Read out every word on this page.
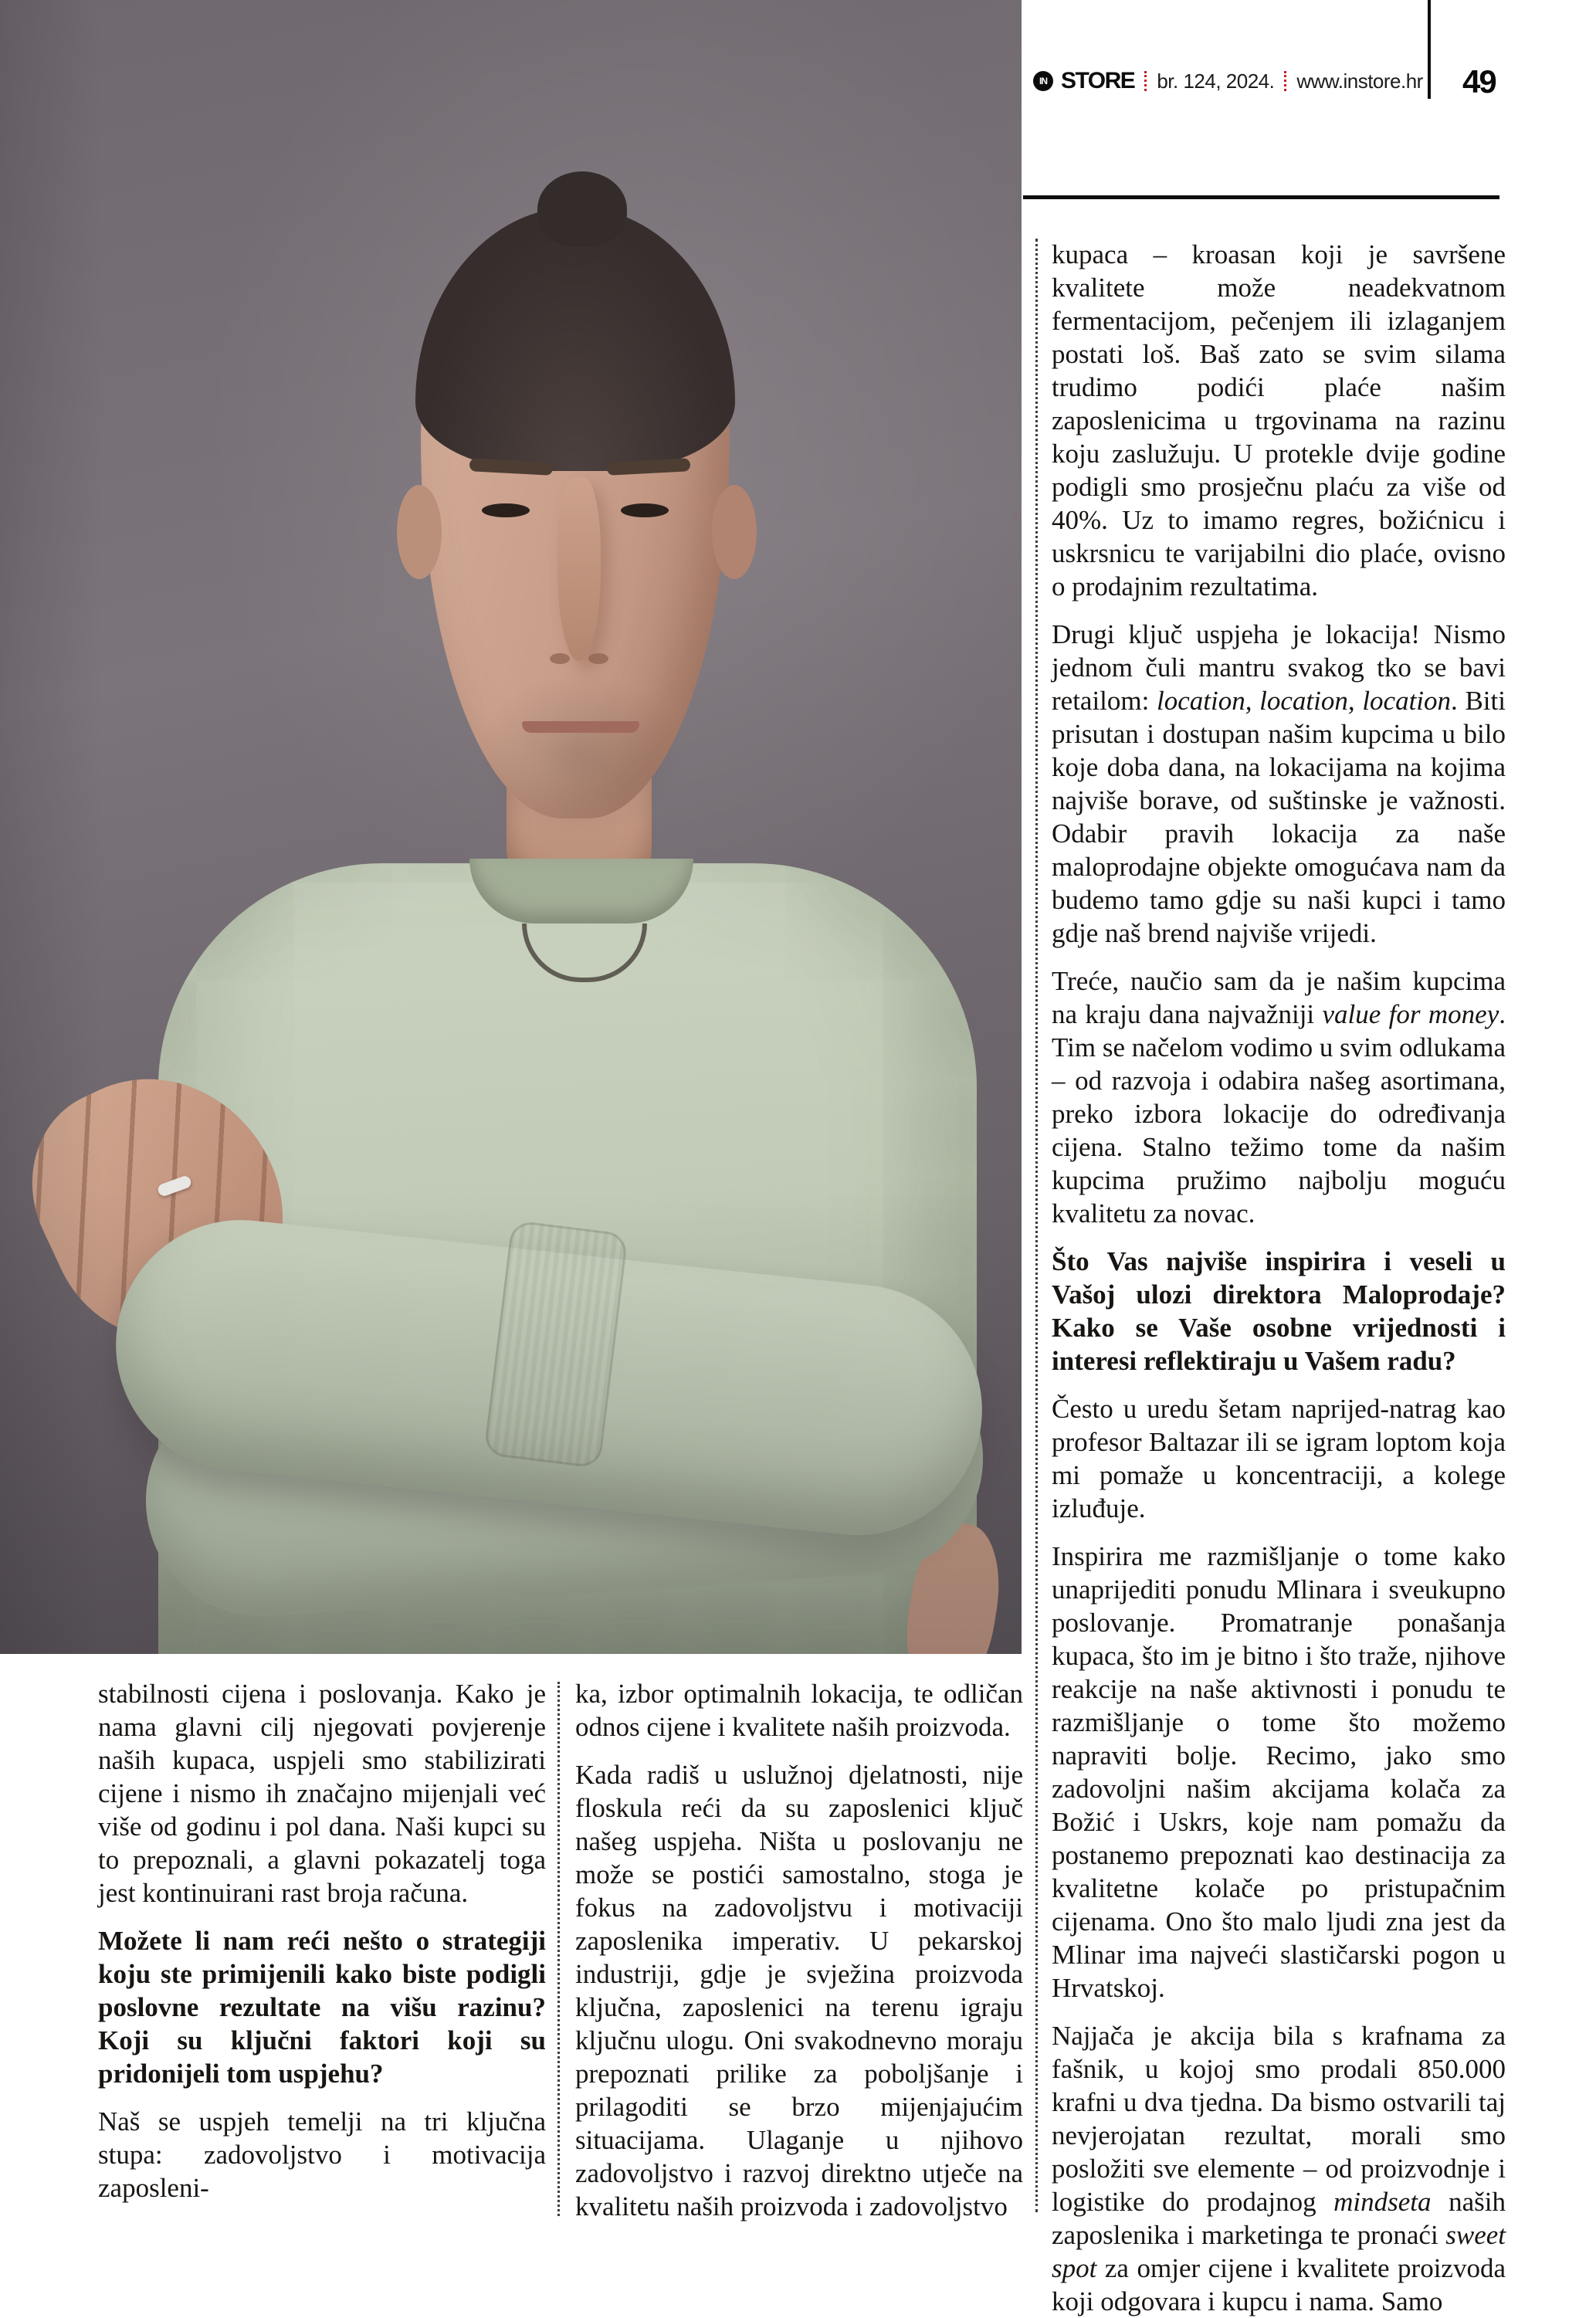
IN STORE br. 124, 2024. www.instore.hr 49

stabilnosti cijena i poslovanja. Kako je nama glavni cilj njegovati povjerenje naših kupaca, uspjeli smo stabilizirati cijene i nismo ih značajno mijenjali već više od godinu i pol dana. Naši kupci su to prepoznali, a glavni pokazatelj toga jest kontinuirani rast broja računa.

Možete li nam reći nešto o strategiji koju ste primijenili kako biste podigli poslovne rezultate na višu razinu? Koji su ključni faktori koji su pridonijeli tom uspjehu?

Naš se uspjeh temelji na tri ključna stupa: zadovoljstvo i motivacija zaposleni-

ka, izbor optimalnih lokacija, te odličan odnos cijene i kvalitete naših proizvoda.

Kada radiš u uslužnoj djelatnosti, nije floskula reći da su zaposlenici ključ našeg uspjeha. Ništa u poslovanju ne može se postići samostalno, stoga je fokus na zadovoljstvu i motivaciji zaposlenika imperativ. U pekarskoj industriji, gdje je svježina proizvoda ključna, zaposlenici na terenu igraju ključnu ulogu. Oni svakodnevno moraju prepoznati prilike za poboljšanje i prilagoditi se brzo mijenjajućim situacijama. Ulaganje u njihovo zadovoljstvo i razvoj direktno utječe na kvalitetu naših proizvoda i zadovoljstvo

kupaca – kroasan koji je savršene kvalitete može neadekvatnom fermentacijom, pečenjem ili izlaganjem postati loš. Baš zato se svim silama trudimo podići plaće našim zaposlenicima u trgovinama na razinu koju zaslužuju. U protekle dvije godine podigli smo prosječnu plaću za više od 40%. Uz to imamo regres, božićnicu i uskrsnicu te varijabilni dio plaće, ovisno o prodajnim rezultatima.

Drugi ključ uspjeha je lokacija! Nismo jednom čuli mantru svakog tko se bavi retailom: location, location, location. Biti prisutan i dostupan našim kupcima u bilo koje doba dana, na lokacijama na kojima najviše borave, od suštinske je važnosti. Odabir pravih lokacija za naše maloprodajne objekte omogućava nam da budemo tamo gdje su naši kupci i tamo gdje naš brend najviše vrijedi.

Treće, naučio sam da je našim kupcima na kraju dana najvažniji value for money. Tim se načelom vodimo u svim odlukama – od razvoja i odabira našeg asortimana, preko izbora lokacije do određivanja cijena. Stalno težimo tome da našim kupcima pružimo najbolju moguću kvalitetu za novac.

Što Vas najviše inspirira i veseli u Vašoj ulozi direktora Maloprodaje? Kako se Vaše osobne vrijednosti i interesi reflektiraju u Vašem radu?

Često u uredu šetam naprijed-natrag kao profesor Baltazar ili se igram loptom koja mi pomaže u koncentraciji, a kolege izluđuje.

Inspirira me razmišljanje o tome kako unaprijediti ponudu Mlinara i sveukupno poslovanje. Promatranje ponašanja kupaca, što im je bitno i što traže, njihove reakcije na naše aktivnosti i ponudu te razmišljanje o tome što možemo napraviti bolje. Recimo, jako smo zadovoljni našim akcijama kolača za Božić i Uskrs, koje nam pomažu da postanemo prepoznati kao destinacija za kvalitetne kolače po pristupačnim cijenama. Ono što malo ljudi zna jest da Mlinar ima najveći slastičarski pogon u Hrvatskoj.

Najjača je akcija bila s krafnama za fašnik, u kojoj smo prodali 850.000 krafni u dva tjedna. Da bismo ostvarili taj nevjerojatan rezultat, morali smo posložiti sve elemente – od proizvodnje i logistike do prodajnog mindseta naših zaposlenika i marketinga te pronaći sweet spot za omjer cijene i kvalitete proizvoda koji odgovara i kupcu i nama. Samo
